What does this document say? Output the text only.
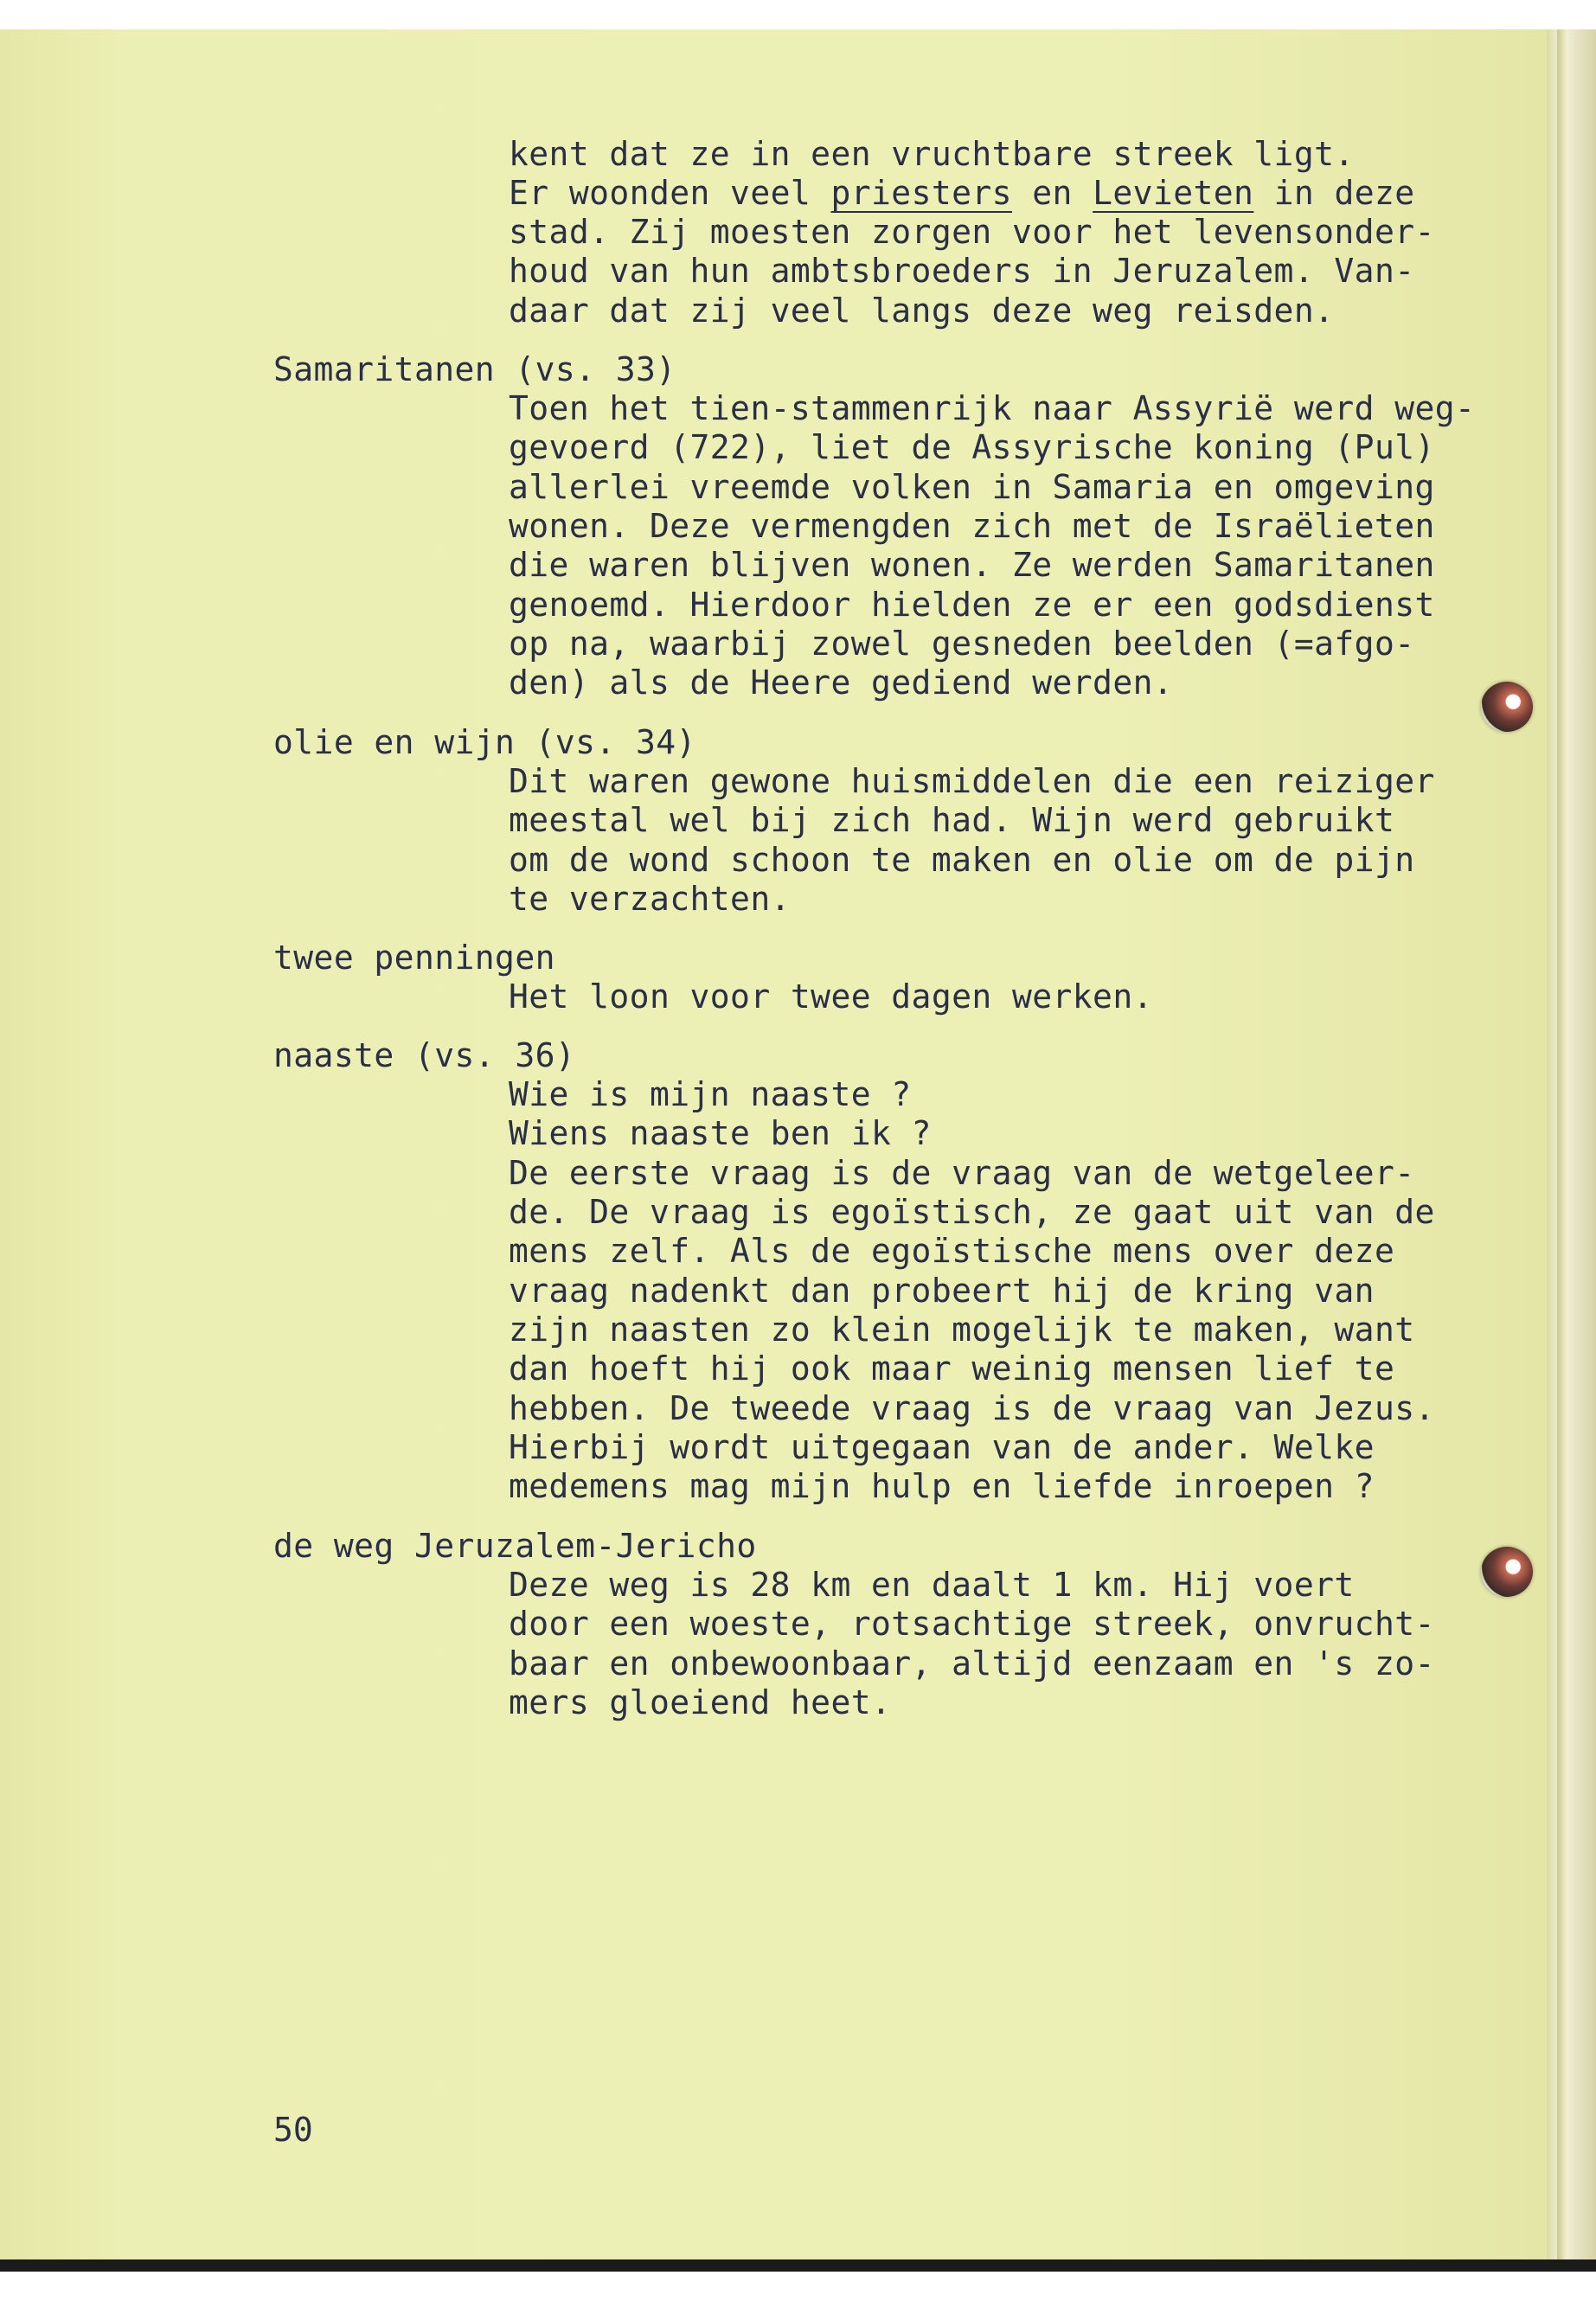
kent dat ze in een vruchtbare streek ligt.
Er woonden veel priesters en Levieten in deze
stad. Zij moesten zorgen voor het levensonder-
houd van hun ambtsbroeders in Jeruzalem. Van-
daar dat zij veel langs deze weg reisden.
Samaritanen (vs. 33)
Toen het tien-stammenrijk naar Assyrië werd weg-
gevoerd (722), liet de Assyrische koning (Pul)
allerlei vreemde volken in Samaria en omgeving
wonen. Deze vermengden zich met de Israëlieten
die waren blijven wonen. Ze werden Samaritanen
genoemd. Hierdoor hielden ze er een godsdienst
op na, waarbij zowel gesneden beelden (=afgo-
den) als de Heere gediend werden.
olie en wijn (vs. 34)
Dit waren gewone huismiddelen die een reiziger
meestal wel bij zich had. Wijn werd gebruikt
om de wond schoon te maken en olie om de pijn
te verzachten.
twee penningen
Het loon voor twee dagen werken.
naaste (vs. 36)
Wie is mijn naaste ?
Wiens naaste ben ik ?
De eerste vraag is de vraag van de wetgeleer-
de. De vraag is egoïstisch, ze gaat uit van de
mens zelf. Als de egoïstische mens over deze
vraag nadenkt dan probeert hij de kring van
zijn naasten zo klein mogelijk te maken, want
dan hoeft hij ook maar weinig mensen lief te
hebben. De tweede vraag is de vraag van Jezus.
Hierbij wordt uitgegaan van de ander. Welke
medemens mag mijn hulp en liefde inroepen ?
de weg Jeruzalem-Jericho
Deze weg is 28 km en daalt 1 km. Hij voert
door een woeste, rotsachtige streek, onvrucht-
baar en onbewoonbaar, altijd eenzaam en 's zo-
mers gloeiend heet.
50
